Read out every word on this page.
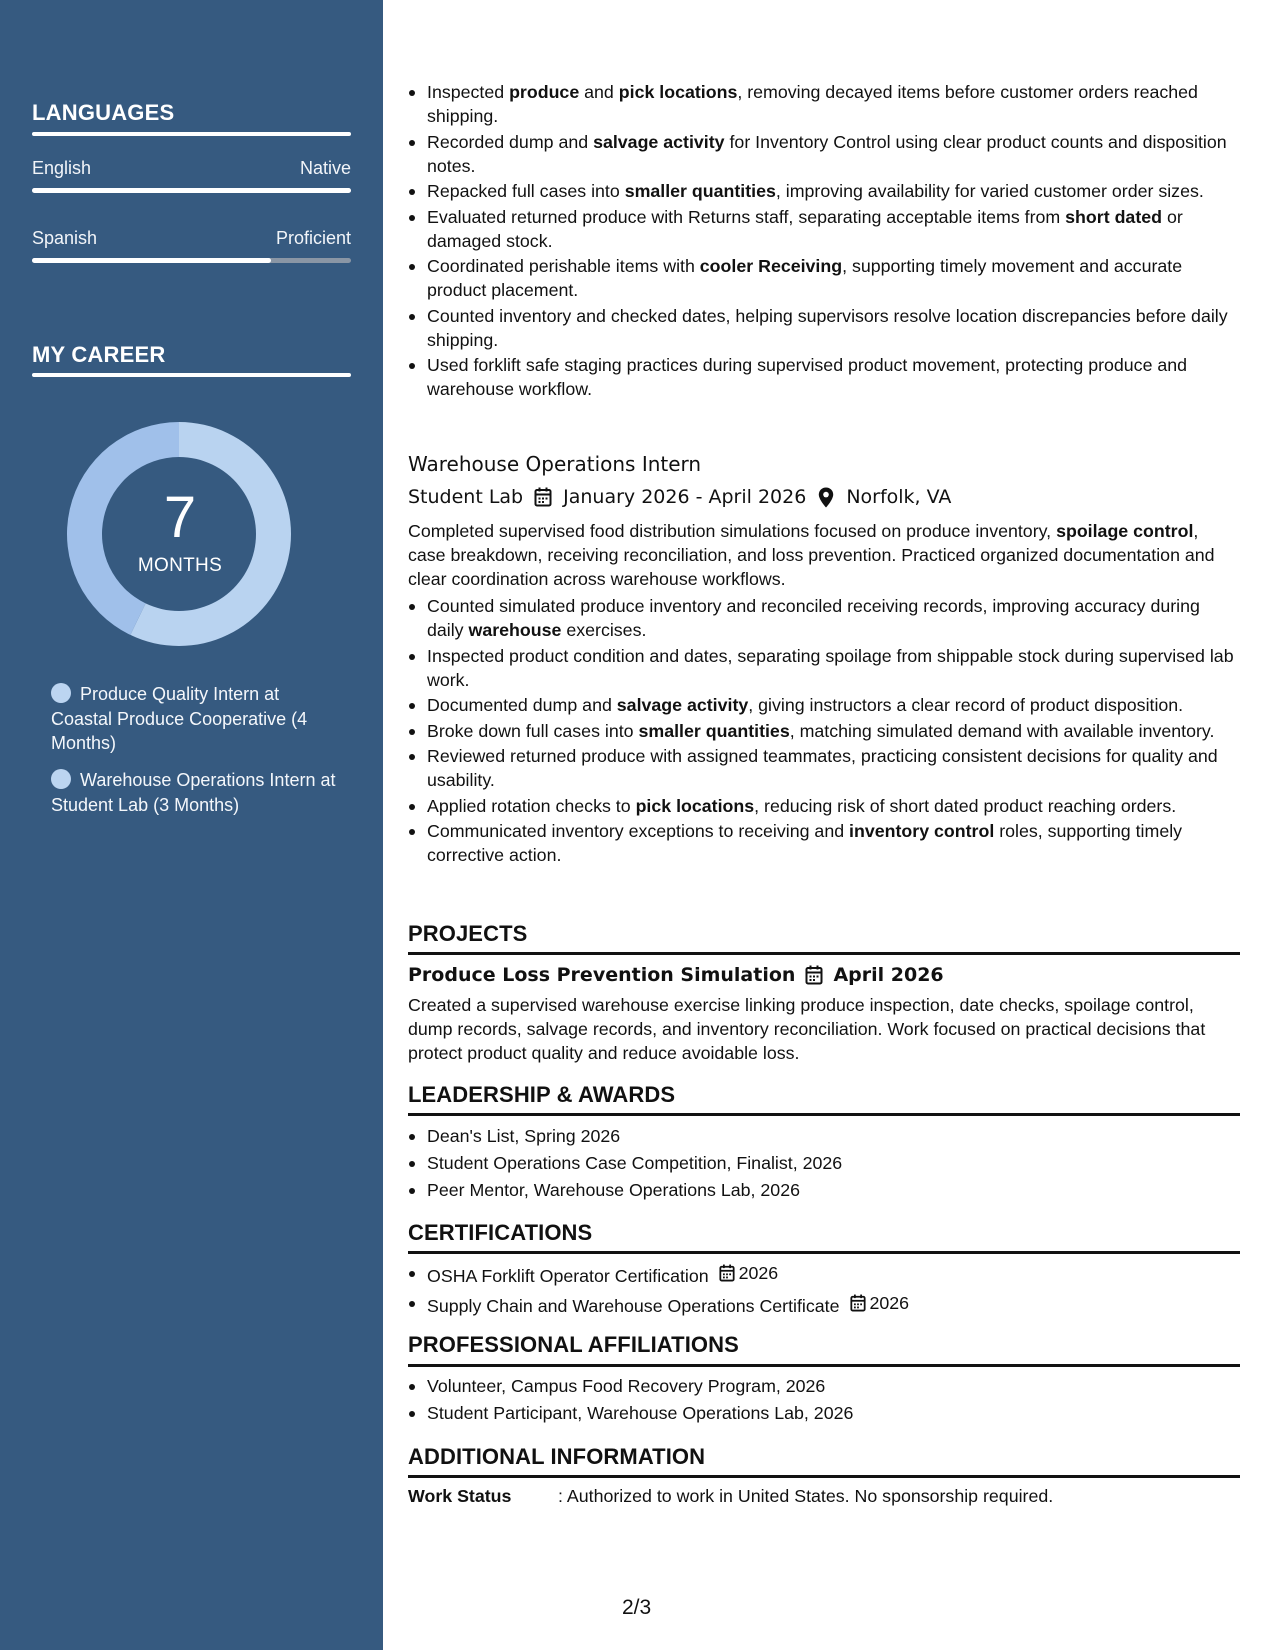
LANGUAGES
English	Native
Spanish	Proficient
MY CAREER
7
MONTHS
Produce Quality Intern at Coastal Produce Cooperative (4 Months)
Warehouse Operations Intern at Student Lab (3 Months)
Inspected produce and pick locations, removing decayed items before customer orders reached shipping.
Recorded dump and salvage activity for Inventory Control using clear product counts and disposition notes.
Repacked full cases into smaller quantities, improving availability for varied customer order sizes.
Evaluated returned produce with Returns staff, separating acceptable items from short dated or damaged stock.
Coordinated perishable items with cooler Receiving, supporting timely movement and accurate product placement.
Counted inventory and checked dates, helping supervisors resolve location discrepancies before daily shipping.
Used forklift safe staging practices during supervised product movement, protecting produce and warehouse workflow.
Warehouse Operations Intern
Student Lab January 2026 - April 2026 Norfolk, VA
Completed supervised food distribution simulations focused on produce inventory, spoilage control, case breakdown, receiving reconciliation, and loss prevention. Practiced organized documentation and clear coordination across warehouse workflows.
Counted simulated produce inventory and reconciled receiving records, improving accuracy during daily warehouse exercises.
Inspected product condition and dates, separating spoilage from shippable stock during supervised lab work.
Documented dump and salvage activity, giving instructors a clear record of product disposition.
Broke down full cases into smaller quantities, matching simulated demand with available inventory.
Reviewed returned produce with assigned teammates, practicing consistent decisions for quality and usability.
Applied rotation checks to pick locations, reducing risk of short dated product reaching orders.
Communicated inventory exceptions to receiving and inventory control roles, supporting timely corrective action.
PROJECTS
Produce Loss Prevention Simulation April 2026
Created a supervised warehouse exercise linking produce inspection, date checks, spoilage control, dump records, salvage records, and inventory reconciliation. Work focused on practical decisions that protect product quality and reduce avoidable loss.
LEADERSHIP & AWARDS
Dean's List, Spring 2026
Student Operations Case Competition, Finalist, 2026
Peer Mentor, Warehouse Operations Lab, 2026
CERTIFICATIONS
OSHA Forklift Operator Certification 2026
Supply Chain and Warehouse Operations Certificate 2026
PROFESSIONAL AFFILIATIONS
Volunteer, Campus Food Recovery Program, 2026
Student Participant, Warehouse Operations Lab, 2026
ADDITIONAL INFORMATION
Work Status	: Authorized to work in United States. No sponsorship required.
2/3
